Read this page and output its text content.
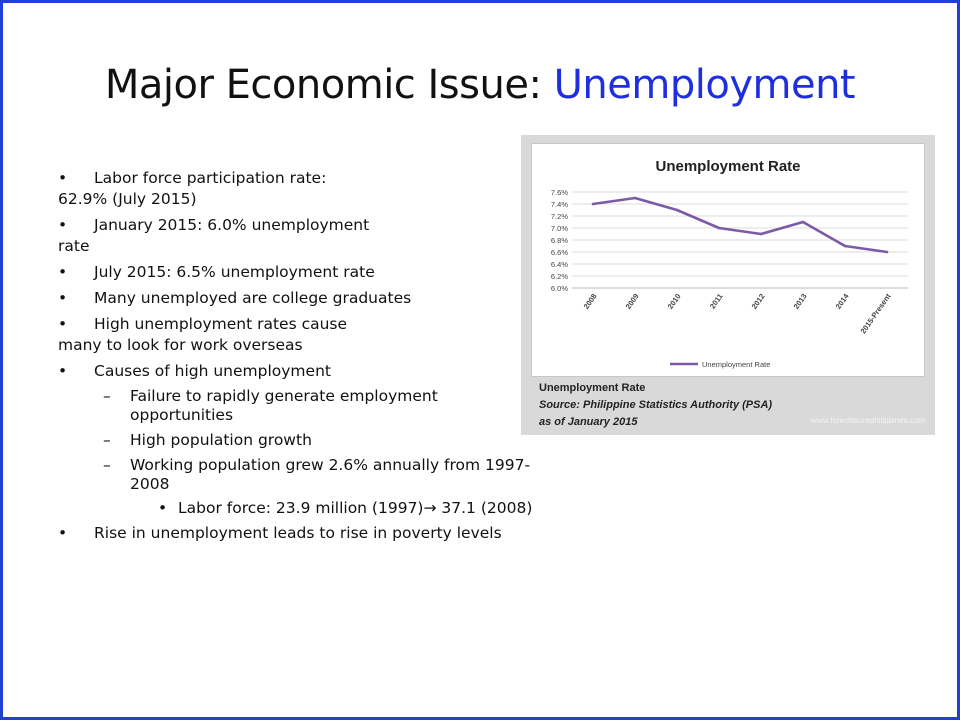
Major Economic Issue: Unemployment
• Labor force participation rate:
62.9% (July 2015)
• January 2015: 6.0% unemployment
rate
• July 2015: 6.5% unemployment rate
• Many unemployed are college graduates
• High unemployment rates cause
many to look for work overseas
• Causes of high unemployment
– Failure to rapidly generate employment opportunities
– High population growth
– Working population grew 2.6% annually from 1997-2008
• Labor force: 23.9 million (1997)→ 37.1 (2008)
• Rise in unemployment leads to rise in poverty levels
Unemployment Rate
6.0%
6.2%
6.4%
6.6%
6.8%
7.0%
7.2%
7.4%
7.6%
2008	2009	2010	2011	2012	2013	2014 2015-Present
Unemployment Rate
Unemployment Rate
Source: Philippine Statistics Authority (PSA)
as of January 2015	www.foreclosurephilippines.com
